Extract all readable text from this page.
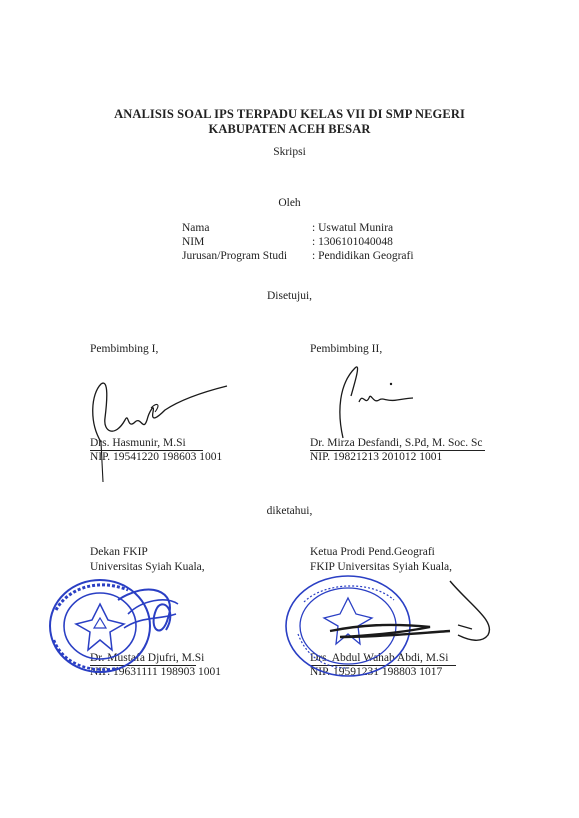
ANALISIS SOAL IPS TERPADU KELAS VII DI SMP NEGERI
KABUPATEN ACEH BESAR
Skripsi
Oleh
Nama	: Uswatul Munira
NIM	: 1306101040048
Jurusan/Program Studi : Pendidikan Geografi
Disetujui,
Pembimbing I,	Pembimbing II,
Drs. Hasmunir, M.Si
NIP. 19541220 198603 1001
Dr. Mirza Desfandi, S.Pd, M. Soc. Sc
NIP. 19821213 201012 1001
diketahui,
Dekan FKIP
Universitas Syiah Kuala,
Ketua Prodi Pend.Geografi
FKIP Universitas Syiah Kuala,
Dr. Mustafa Djufri, M.Si
NIP. 19631111 198903 1001
Drs. Abdul Wahab Abdi, M.Si
NIP. 19591231 198803 1017
